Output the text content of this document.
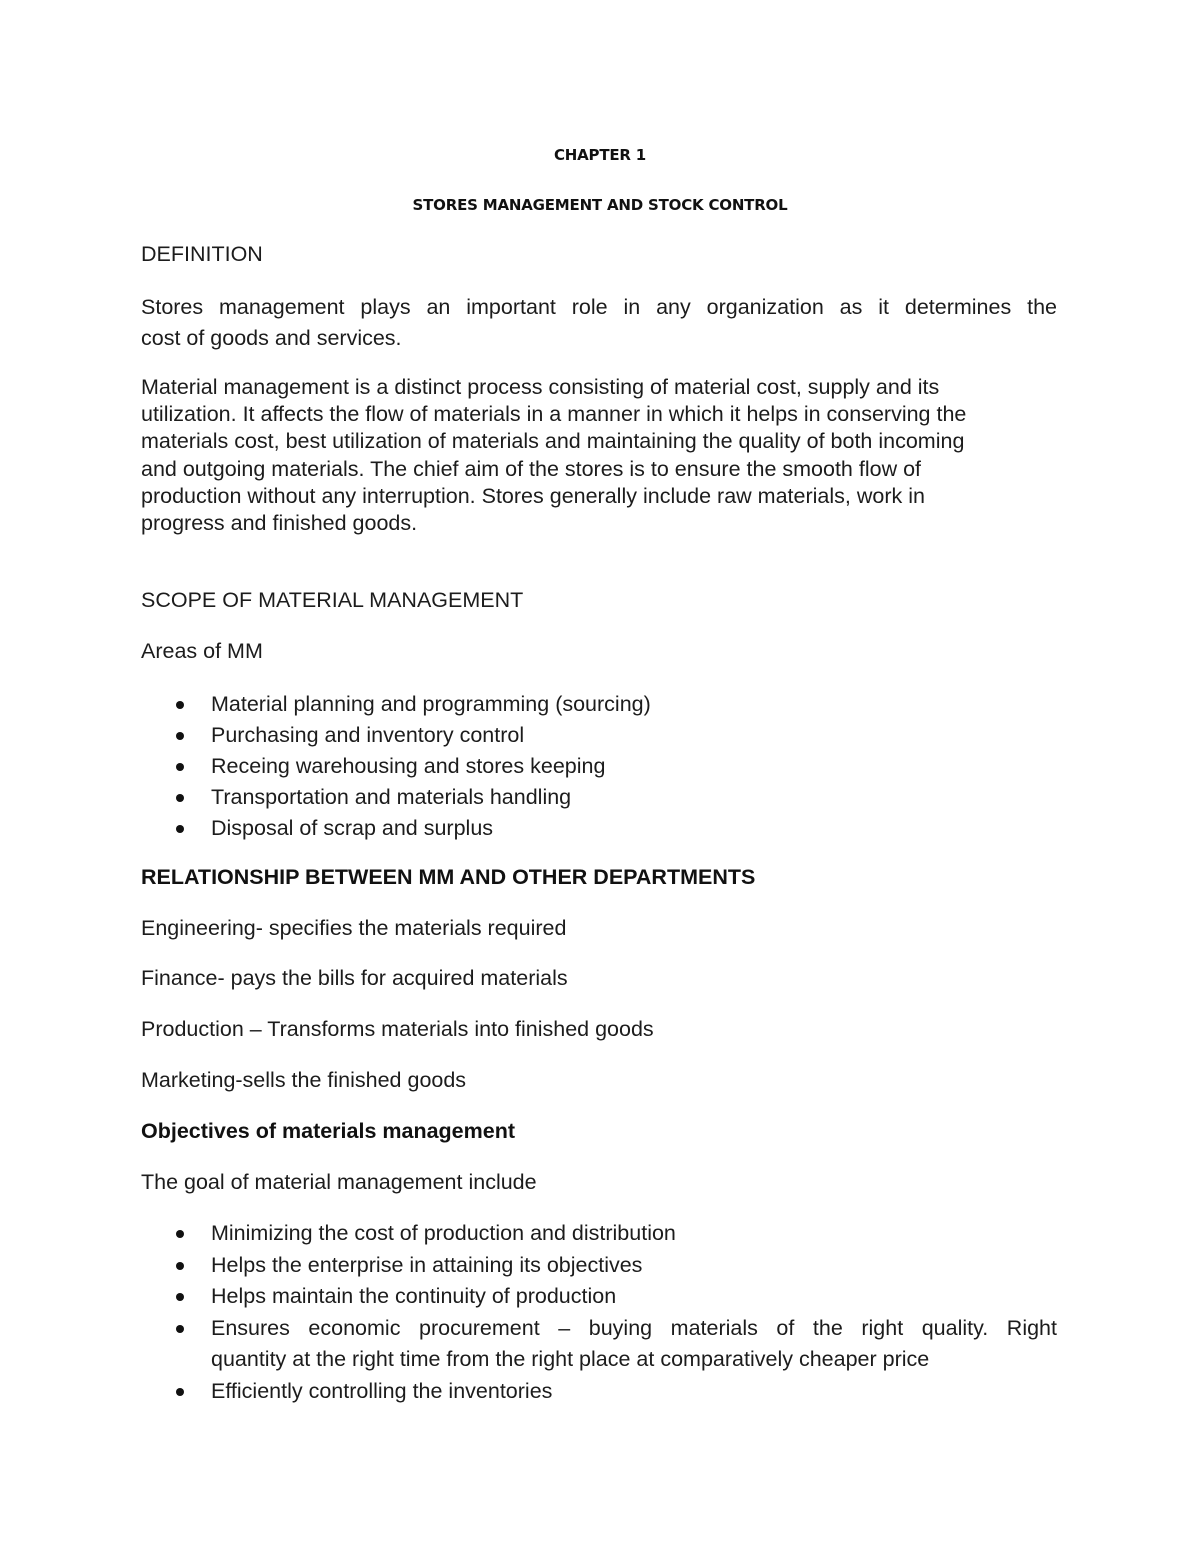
CHAPTER 1

STORES MANAGEMENT AND STOCK CONTROL

DEFINITION

Stores management plays an important role in any organization as it determines the
cost of goods and services.
Material management is a distinct process consisting of material cost, supply and its
utilization. It affects the flow of materials in a manner in which it helps in conserving the
materials cost, best utilization of materials and maintaining the quality of both incoming
and outgoing materials. The chief aim of the stores is to ensure the smooth flow of
production without any interruption. Stores generally include raw materials, work in
progress and finished goods.

SCOPE OF MATERIAL MANAGEMENT

Areas of MM

Material planning and programming (sourcing)
Purchasing and inventory control
Receing warehousing and stores keeping
Transportation and materials handling
Disposal of scrap and surplus

RELATIONSHIP BETWEEN MM AND OTHER DEPARTMENTS

Engineering- specifies the materials required

Finance- pays the bills for acquired materials

Production – Transforms materials into finished goods

Marketing-sells the finished goods

Objectives of materials management

The goal of material management include

Minimizing the cost of production and distribution
Helps the enterprise in attaining its objectives
Helps maintain the continuity of production
Ensures economic procurement – buying materials of the right quality. Right
quantity at the right time from the right place at comparatively cheaper price
Efficiently controlling the inventories
